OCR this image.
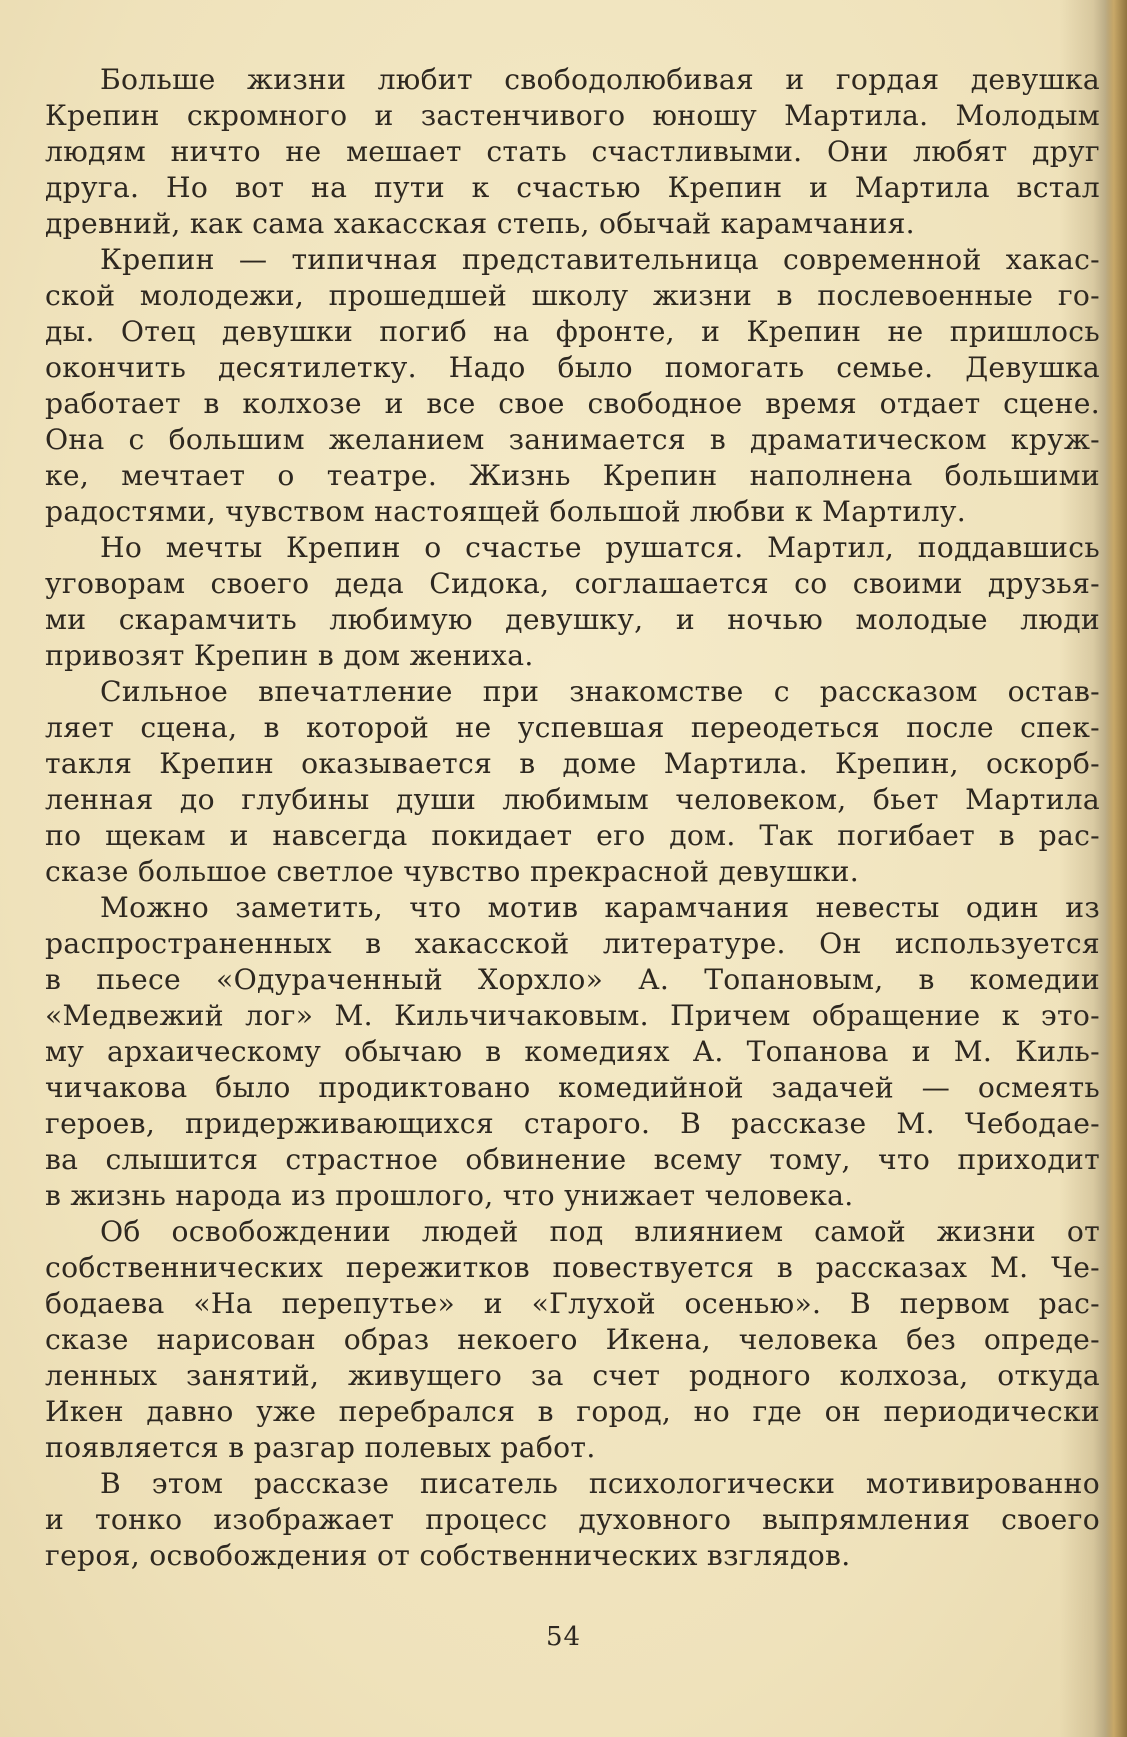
Больше жизни любит свободолюбивая и гордая девушка
Крепин скромного и застенчивого юношу Мартила. Молодым
людям ничто не мешает стать счастливыми. Они любят друг
друга. Но вот на пути к счастью Крепин и Мартила встал
древний, как сама хакасская степь, обычай карамчания.
Крепин — типичная представительница современной хакас-
ской молодежи, прошедшей школу жизни в послевоенные го-
ды. Отец девушки погиб на фронте, и Крепин не пришлось
окончить десятилетку. Надо было помогать семье. Девушка
работает в колхозе и все свое свободное время отдает сцене.
Она с большим желанием занимается в драматическом круж-
ке, мечтает о театре. Жизнь Крепин наполнена большими
радостями, чувством настоящей большой любви к Мартилу.
Но мечты Крепин о счастье рушатся. Мартил, поддавшись
уговорам своего деда Сидока, соглашается со своими друзья-
ми скарамчить любимую девушку, и ночью молодые люди
привозят Крепин в дом жениха.
Сильное впечатление при знакомстве с рассказом остав-
ляет сцена, в которой не успевшая переодеться после спек-
такля Крепин оказывается в доме Мартила. Крепин, оскорб-
ленная до глубины души любимым человеком, бьет Мартила
по щекам и навсегда покидает его дом. Так погибает в рас-
сказе большое светлое чувство прекрасной девушки.
Можно заметить, что мотив карамчания невесты один из
распространенных в хакасской литературе. Он используется
в пьесе «Одураченный Хорхло» А. Топановым, в комедии
«Медвежий лог» М. Кильчичаковым. Причем обращение к это-
му архаическому обычаю в комедиях А. Топанова и М. Киль-
чичакова было продиктовано комедийной задачей — осмеять
героев, придерживающихся старого. В рассказе М. Чебодае-
ва слышится страстное обвинение всему тому, что приходит
в жизнь народа из прошлого, что унижает человека.
Об освобождении людей под влиянием самой жизни от
собственнических пережитков повествуется в рассказах М. Че-
бодаева «На перепутье» и «Глухой осенью». В первом рас-
сказе нарисован образ некоего Икена, человека без опреде-
ленных занятий, живущего за счет родного колхоза, откуда
Икен давно уже перебрался в город, но где он периодически
появляется в разгар полевых работ.
В этом рассказе писатель психологически мотивированно
и тонко изображает процесс духовного выпрямления своего
героя, освобождения от собственнических взглядов.
54
